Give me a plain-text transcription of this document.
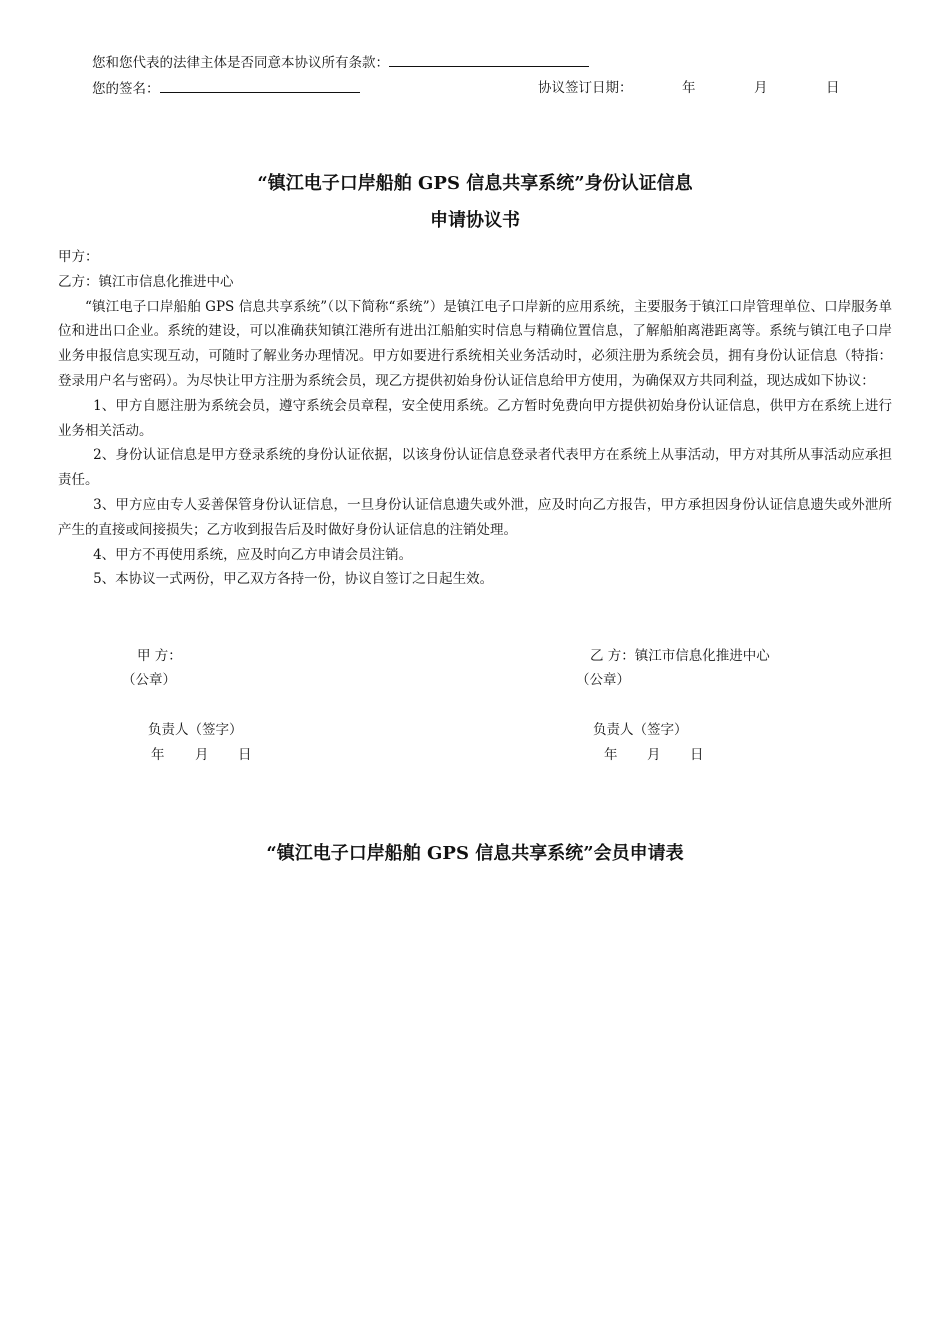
您和您代表的法律主体是否同意本协议所有条款：
您的签名：	协议签订日期：	年	月	日
“镇江电子口岸船舶 GPS 信息共享系统”身份认证信息
申请协议书

甲方：

乙方：镇江市信息化推进中心

“镇江电子口岸船舶 GPS 信息共享系统”（以下简称“系统”）是镇江电子口岸新的应用系统，主要服务于镇江口岸管理单位、口岸服务单位和进出口企业。系统的建设，可以准确获知镇江港所有进出江船舶实时信息与精确位置信息，了解船舶离港距离等。系统与镇江电子口岸业务申报信息实现互动，可随时了解业务办理情况。甲方如要进行系统相关业务活动时，必须注册为系统会员，拥有身份认证信息（特指：登录用户名与密码）。为尽快让甲方注册为系统会员，现乙方提供初始身份认证信息给甲方使用，为确保双方共同利益，现达成如下协议：

1、甲方自愿注册为系统会员，遵守系统会员章程，安全使用系统。乙方暂时免费向甲方提供初始身份认证信息，供甲方在系统上进行业务相关活动。

2、身份认证信息是甲方登录系统的身份认证依据，以该身份认证信息登录者代表甲方在系统上从事活动，甲方对其所从事活动应承担责任。

3、甲方应由专人妥善保管身份认证信息，一旦身份认证信息遗失或外泄，应及时向乙方报告，甲方承担因身份认证信息遗失或外泄所产生的直接或间接损失；乙方收到报告后及时做好身份认证信息的注销处理。

4、甲方不再使用系统，应及时向乙方申请会员注销。

5、本协议一式两份，甲乙双方各持一份，协议自签订之日起生效。

甲 方：
（公章）
负责人（签字）
年 月 日
乙 方：镇江市信息化推进中心
（公章）
负责人（签字）
年 月 日
“镇江电子口岸船舶 GPS 信息共享系统”会员申请表
